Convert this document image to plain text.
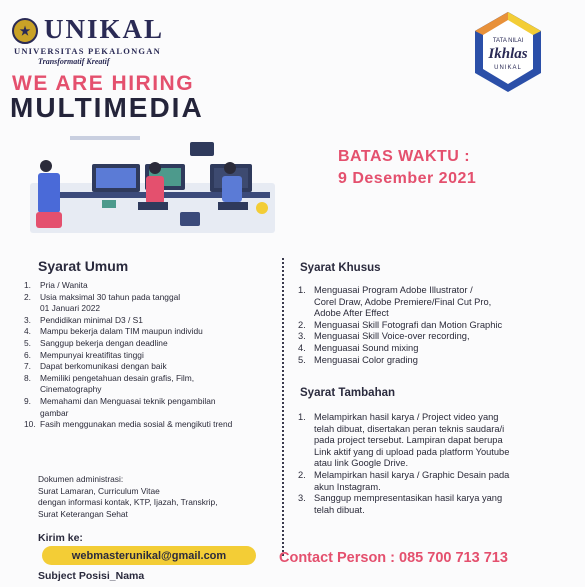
★ UNIKAL
UNIVERSITAS PEKALONGAN
Transformatif Kreatif
WE ARE HIRING
MULTIMEDIA
TATA NILAI
Ikhlas
UNIKAL
BATAS WAKTU :
9 Desember 2021
Syarat Umum
1. Pria / Wanita
2. Usia maksimal 30 tahun pada tanggal
01 Januari 2022
3. Pendidikan minimal D3 / S1
4. Mampu bekerja dalam TIM maupun individu
5. Sanggup bekerja dengan deadline
6. Mempunyai kreatifitas tinggi
7. Dapat berkomunikasi dengan baik
8. Memiliki pengetahuan desain grafis, Film,
Cinematography
9. Memahami dan Menguasai teknik pengambilan
gambar
10. Fasih menggunakan media sosial & mengikuti trend
Dokumen administrasi:
Surat Lamaran, Curriculum Vitae
dengan informasi kontak, KTP, Ijazah, Transkrip,
Surat Keterangan Sehat
Kirim ke:
webmasterunikal@gmail.com
Subject Posisi_Nama
Syarat Khusus
1. Menguasai Program Adobe Illustrator /
Corel Draw, Adobe Premiere/Final Cut Pro,
Adobe After Effect
2. Menguasai Skill Fotografi dan Motion Graphic
3. Menguasai Skill Voice-over recording,
4. Menguasai Sound mixing
5. Menguasai Color grading
Syarat Tambahan
1. Melampirkan hasil karya / Project video yang
telah dibuat, disertakan peran teknis saudara/i
pada project tersebut. Lampiran dapat berupa
Link aktif yang di upload pada platform Youtube
atau link Google Drive.
2. Melampirkan hasil karya / Graphic Desain pada
akun Instagram.
3. Sanggup mempresentasikan hasil karya yang
telah dibuat.
Contact Person : 085 700 713 713
